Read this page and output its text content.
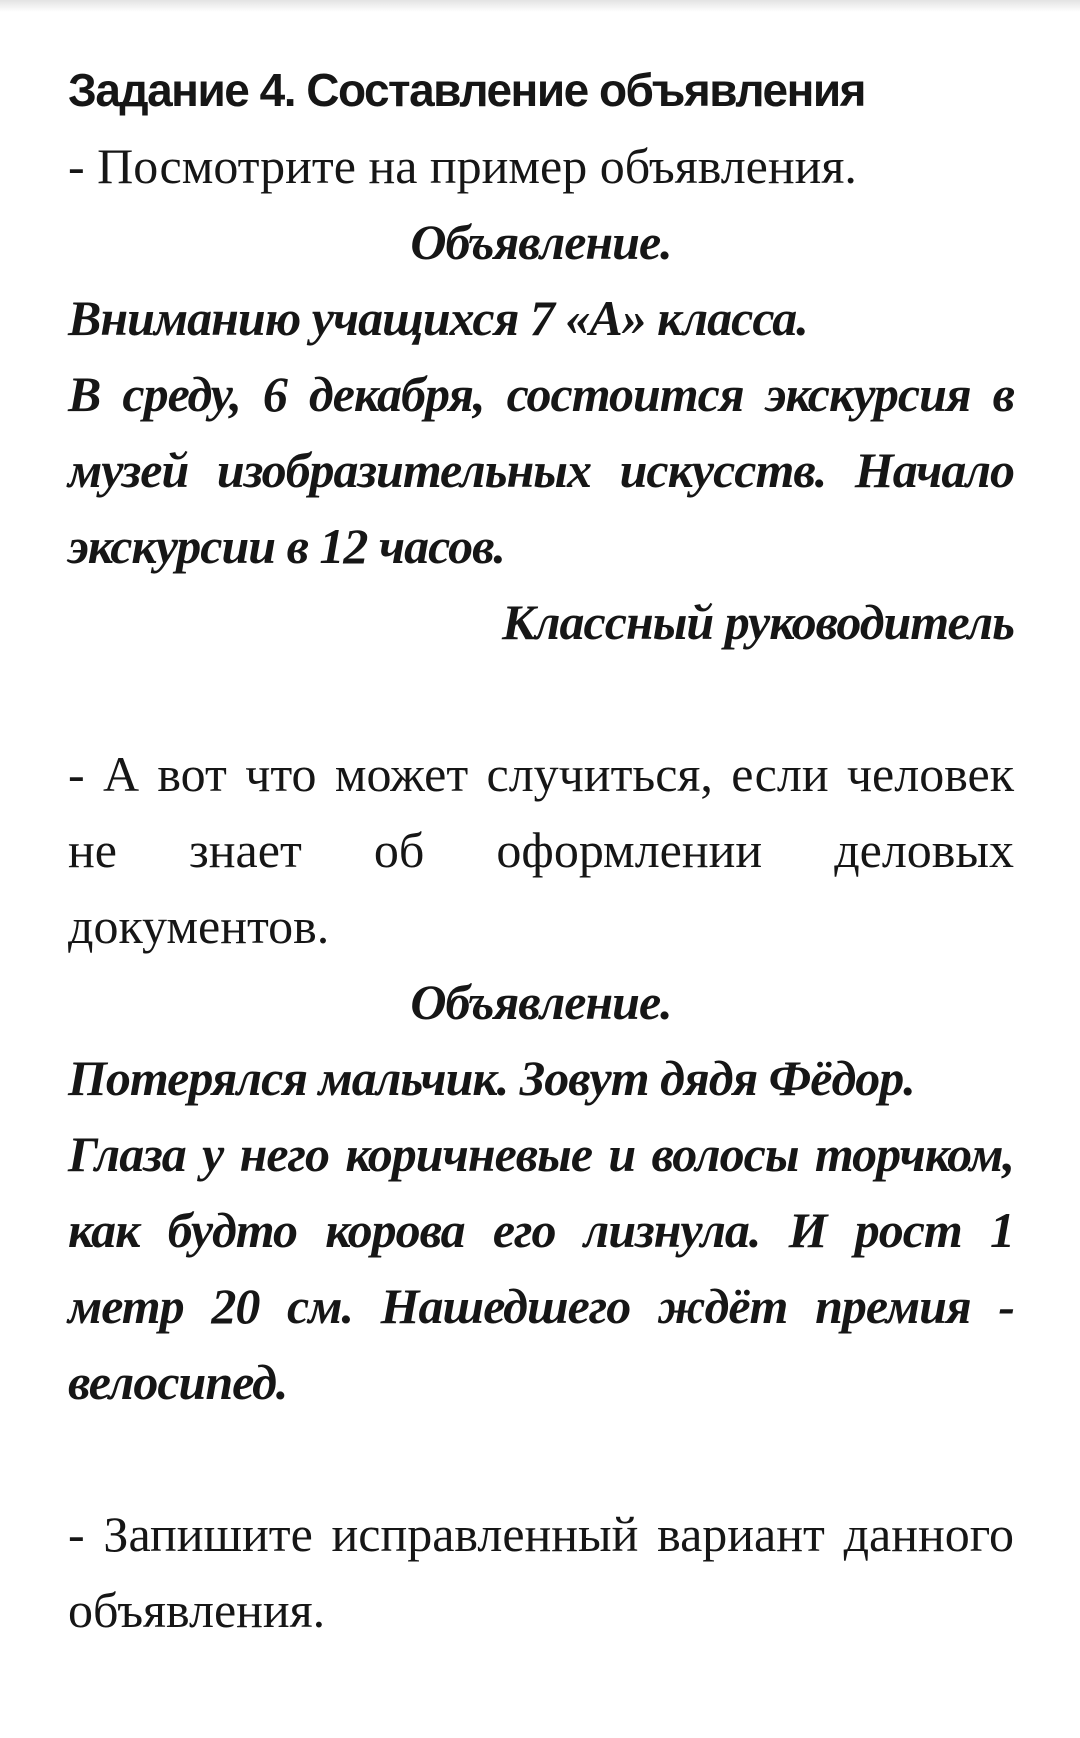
Задание 4. Составление объявления

- Посмотрите на пример объявления.

Объявление.

Вниманию учащихся 7 «А» класса.

В среду, 6 декабря, состоится экскурсия в музей изобразительных искусств. Начало экскурсии в 12 часов.

Классный руководитель

- А вот что может случиться, если человек не знает об оформлении деловых документов.

Объявление.

Потерялся мальчик. Зовут дядя Фёдор.

Глаза у него коричневые и волосы торчком, как будто корова его лизнула. И рост 1 метр 20 см. Нашедшего ждёт премия - велосипед.

- Запишите исправленный вариант данного объявления.
